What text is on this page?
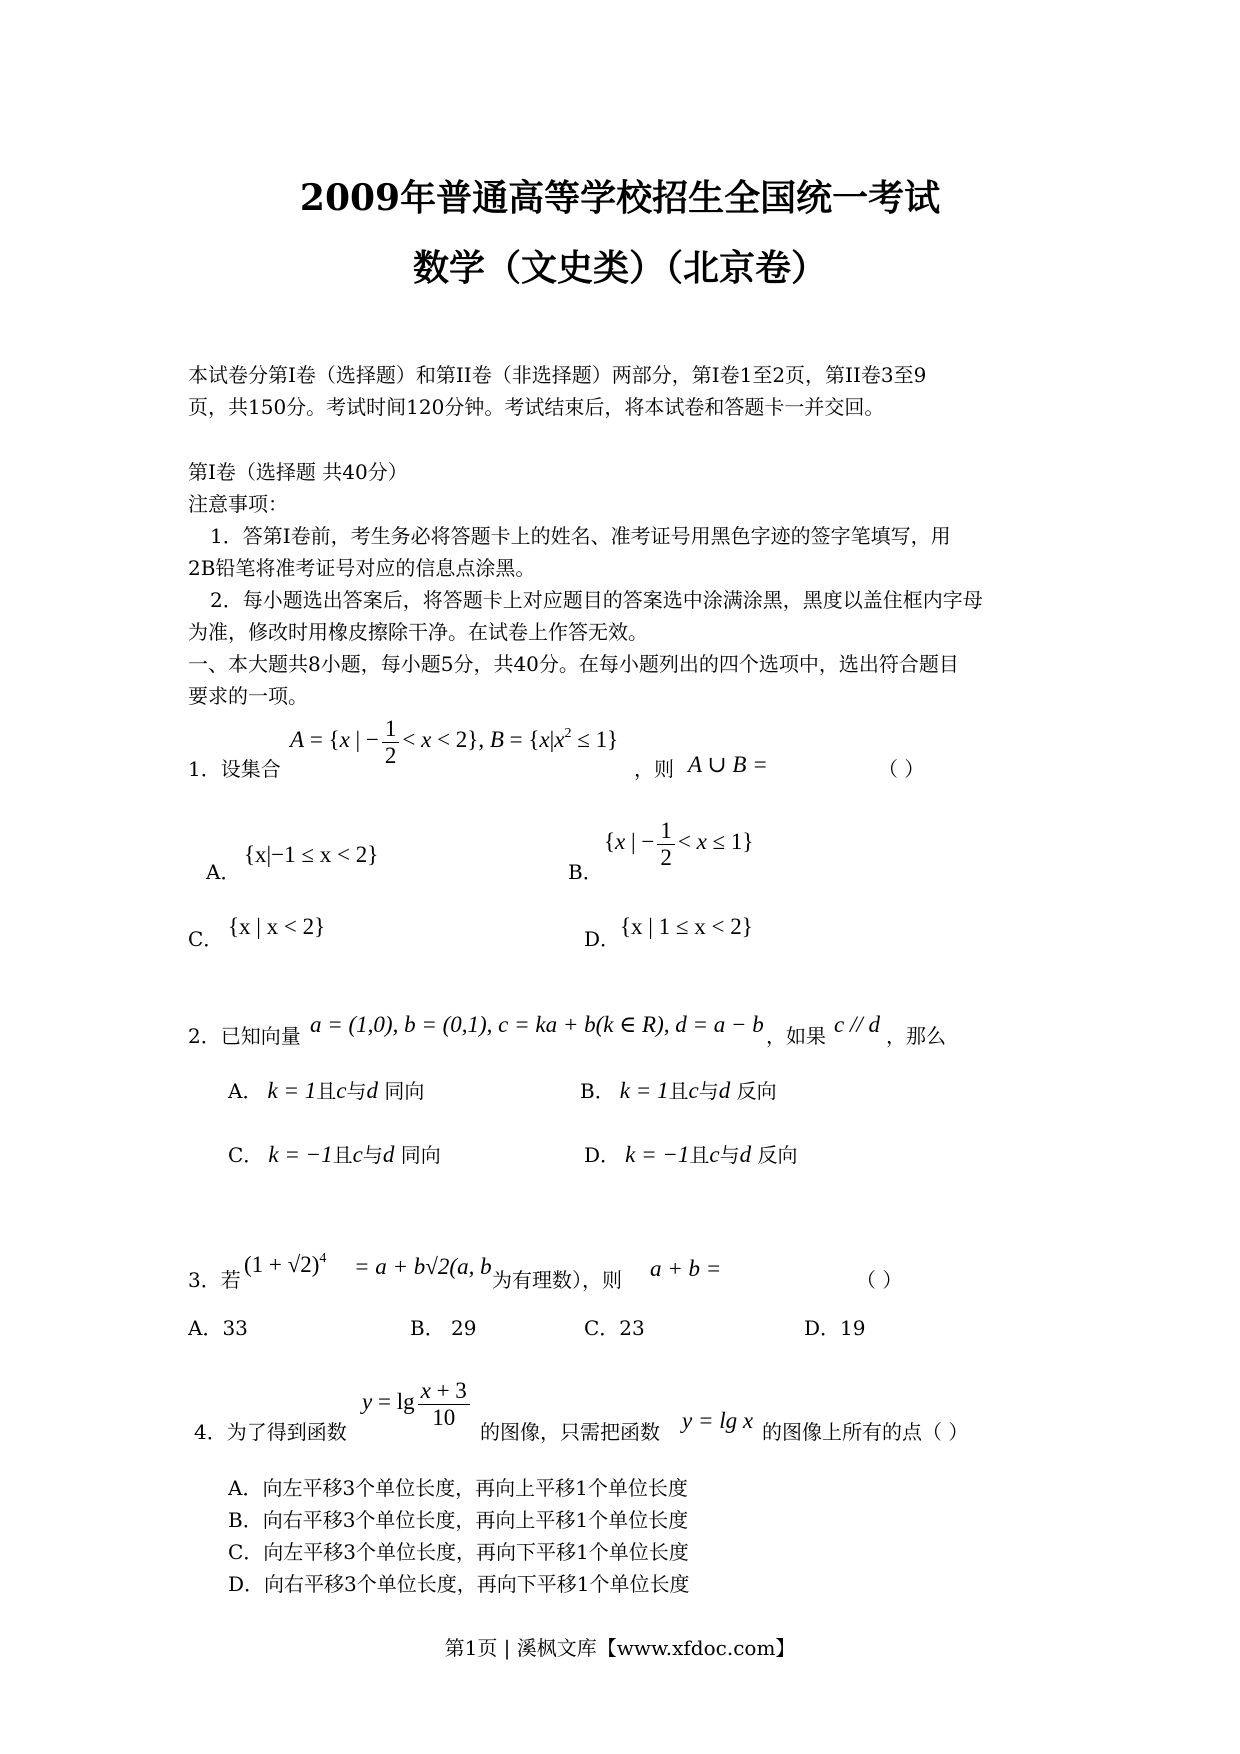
2009年普通高等学校招生全国统一考试
数学（文史类）（北京卷）
本试卷分第I卷（选择题）和第II卷（非选择题）两部分，第I卷1至2页，第II卷3至9
页，共150分。考试时间120分钟。考试结束后，将本试卷和答题卡一并交回。
第I卷（选择题 共40分）
注意事项：
1．答第I卷前，考生务必将答题卡上的姓名、准考证号用黑色字迹的签字笔填写，用
2B铅笔将准考证号对应的信息点涂黑。
2．每小题选出答案后，将答题卡上对应题目的答案选中涂满涂黑，黑度以盖住框内字母
为准，修改时用橡皮擦除干净。在试卷上作答无效。
一、本大题共8小题，每小题5分，共40分。在每小题列出的四个选项中，选出符合题目
要求的一项。
1．设集合
A = {x | − $\frac{1}{2} < x < 2$}, B = {x|x2 ≤ 1}
，则 A ∪ B =	（ ）
A．
{x|−1 ≤ x < 2}
B．
{x | − $\frac{1}{2} < x \le 1$}
C． {x | x < 2}	D． {x | 1 ≤ x < 2}
2．已知向量 a = (1,0), b = (0,1), c = ka + b(k ∈ R), d = a − b ，如果 c // d ，那么
A． k = 1且c与d 同向	B． k = 1且c与d 反向
C． k = −1且c与d 同向	D． k = −1且c与d 反向
3．若
(1 + √2)4 = a + b√2(a, b
为有理数），则 a + b =	（ ）
A．33	B． 29	C．23	D．19
4．为了得到函数
$y = \lg \frac{x + 3}{10}$
的图像，只需把函数 y = lg x 的图像上所有的点（ ）
A．向左平移3个单位长度，再向上平移1个单位长度
B．向右平移3个单位长度，再向上平移1个单位长度
C．向左平移3个单位长度，再向下平移1个单位长度
D．向右平移3个单位长度，再向下平移1个单位长度
第1页 | 溪枫文库【www.xfdoc.com】
